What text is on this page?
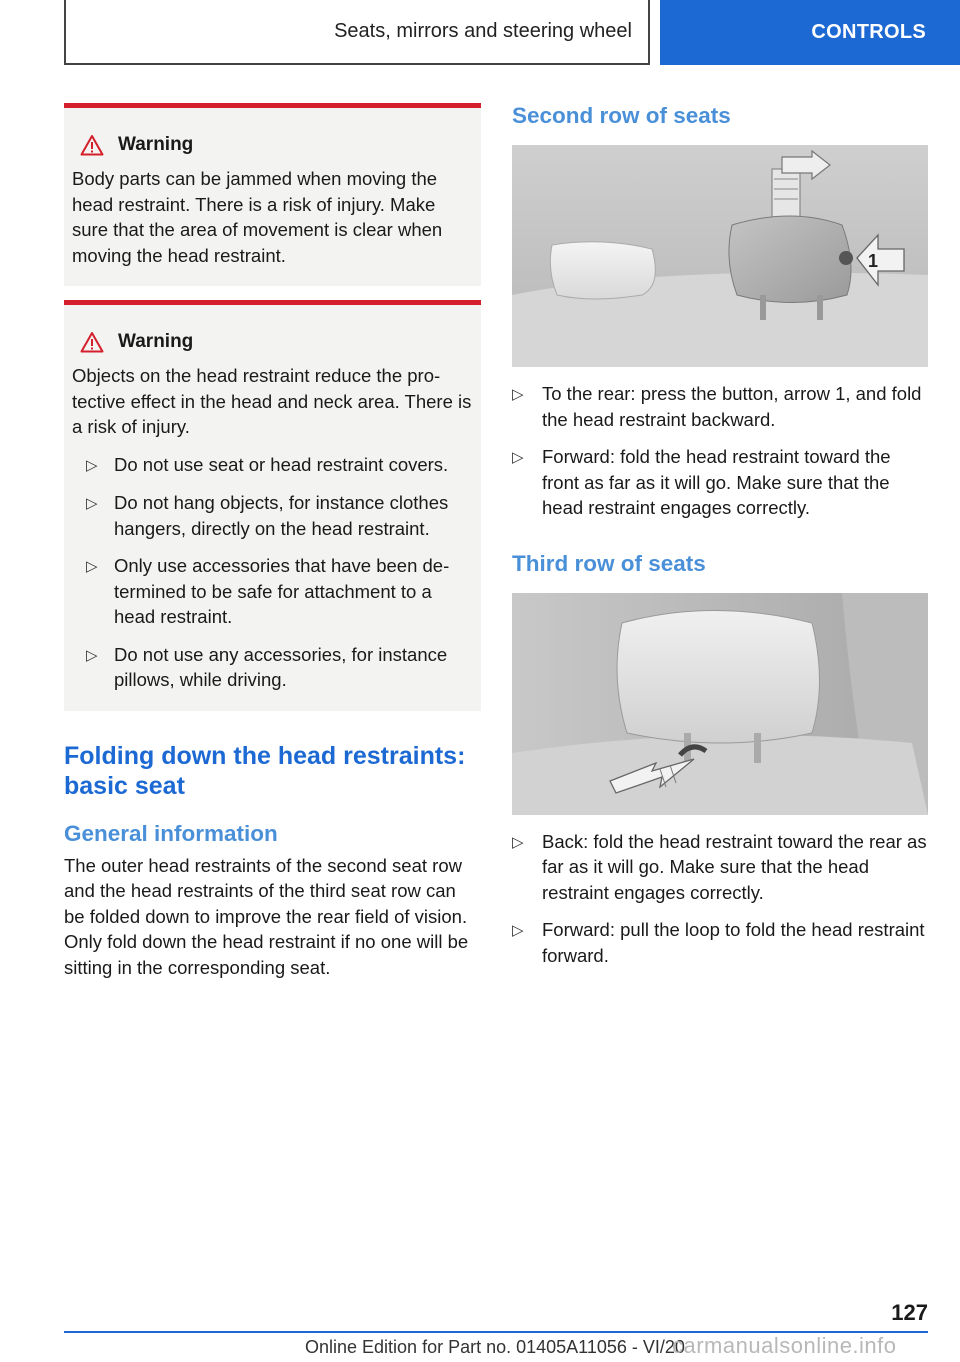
Seats, mirrors and steering wheel	CONTROLS
Warning

Body parts can be jammed when moving the head restraint. There is a risk of injury. Make sure that the area of movement is clear when moving the head restraint.

Warning

Objects on the head restraint reduce the protective effect in the head and neck area. There is a risk of injury.

▷ Do not use seat or head restraint covers.
▷ Do not hang objects, for instance clothes hangers, directly on the head restraint.
▷ Only use accessories that have been determined to be safe for attachment to a head restraint.
▷ Do not use any accessories, for instance pillows, while driving.
Folding down the head restraints: basic seat
General information

The outer head restraints of the second seat row and the head restraints of the third seat row can be folded down to improve the rear field of vision. Only fold down the head restraint if no one will be sitting in the corresponding seat.

Second row of seats
1
▷ To the rear: press the button, arrow 1, and fold the head restraint backward.
▷ Forward: fold the head restraint toward the front as far as it will go. Make sure that the head restraint engages correctly.
Third row of seats
▷ Back: fold the head restraint toward the rear as far as it will go. Make sure that the head restraint engages correctly.
▷ Forward: pull the loop to fold the head restraint forward.
127
Online Edition for Part no. 01405A11056 - VI/20
carmanualsonline.info
